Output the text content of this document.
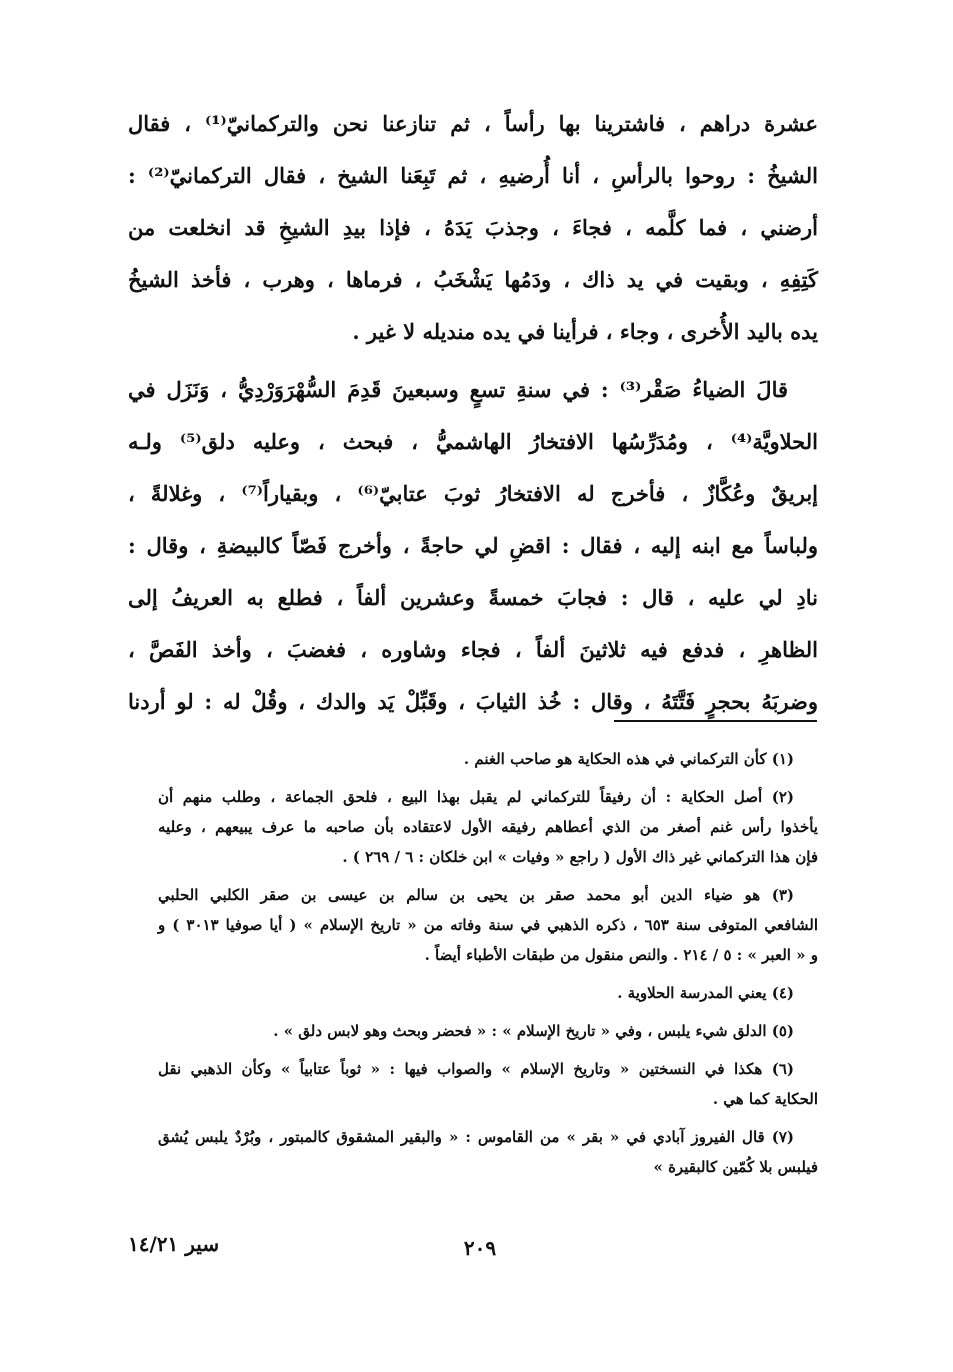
عشرة دراهم ، فاشترينا بها رأساً ، ثم تنازعنا نحن والتركمانيّ⁽¹⁾ ، فقال
الشيخُ : روحوا بالرأسِ ، أنا أُرضيهِ ، ثم تَبِعَنا الشيخ ، فقال التركمانيّ⁽²⁾ :
أرضني ، فما كلَّمه ، فجاءَ ، وجذبَ يَدَهُ ، فإذا بيدِ الشيخِ قد انخلعت من
كَتِفِهِ ، وبقيت في يد ذاك ، ودَمُها يَشْخَبُ ، فرماها ، وهرب ، فأخذ الشيخُ
يده باليد الأُخرى ، وجاء ، فرأينا في يده منديله لا غير .
قالَ الضياءُ صَقْر⁽³⁾ : في سنةِ تسعٍ وسبعينَ قَدِمَ السُّهْرَوَرْدِيُّ ، وَنَزَل في
الحلاويَّة⁽⁴⁾ ، ومُدَرِّسُها الافتخارُ الهاشميُّ ، فبحث ، وعليه دلق⁽⁵⁾ ولـه
إبريقٌ وعُكَّازٌ ، فأخرج له الافتخارُ ثوبَ عتابيّ⁽⁶⁾ ، وبقياراً⁽⁷⁾ ، وغلالةً ،
ولباساً مع ابنه إليه ، فقال : اقضِ لي حاجةً ، وأخرج فَصّاً كالبيضةِ ، وقال :
نادِ لي عليه ، قال : فجابَ خمسةً وعشرين ألفاً ، فطلع به العريفُ إلى
الظاهرِ ، فدفع فيه ثلاثينَ ألفاً ، فجاء وشاوره ، فغضبَ ، وأخذ الفَصَّ ،
وضربَهُ بحجرٍ فَتَّتَهُ ، وقال : خُذ الثيابَ ، وقَبِّلْ يَد والدك ، وقُلْ له : لو أردنا
(١) كأن التركماني في هذه الحكاية هو صاحب الغنم .
(٢) أصل الحكاية : أن رفيقاً للتركماني لم يقبل بهذا البيع ، فلحق الجماعة ، وطلب منهم أن
يأخذوا رأس غنم أصغر من الذي أعطاهم رفيقه الأول لاعتقاده بأن صاحبه ما عرف يبيعهم ، وعليه
فإن هذا التركماني غير ذاك الأول ( راجع « وفيات » ابن خلكان : ٦ / ٢٦٩ ) .
(٣) هو ضياء الدين أبو محمد صقر بن يحيى بن سالم بن عيسى بن صقر الكلبي الحلبي
الشافعي المتوفى سنة ٦٥٣ ، ذكره الذهبي في سنة وفاته من « تاريخ الإسلام » ( أيا صوفيا ٣٠١٣ ) و
و « العبر » : ٥ / ٢١٤ . والنص منقول من طبقات الأطباء أيضاً .
(٤) يعني المدرسة الحلاوية .
(٥) الدلق شيء يلبس ، وفي « تاريخ الإسلام » : « فحضر وبحث وهو لابس دلق » .
(٦) هكذا في النسختين « وتاريخ الإسلام » والصواب فيها : « ثوباً عتابياً » وكأن الذهبي نقل
الحكاية كما هي .
(٧) قال الفيروز آبادي في « بقر » من القاموس : « والبقير المشقوق كالمبتور ، وبُرْدٌ يلبس يُشق
فيلبس بلا كُمّين كالبقيرة »
٢٠٩
سير ١٤/٢١
